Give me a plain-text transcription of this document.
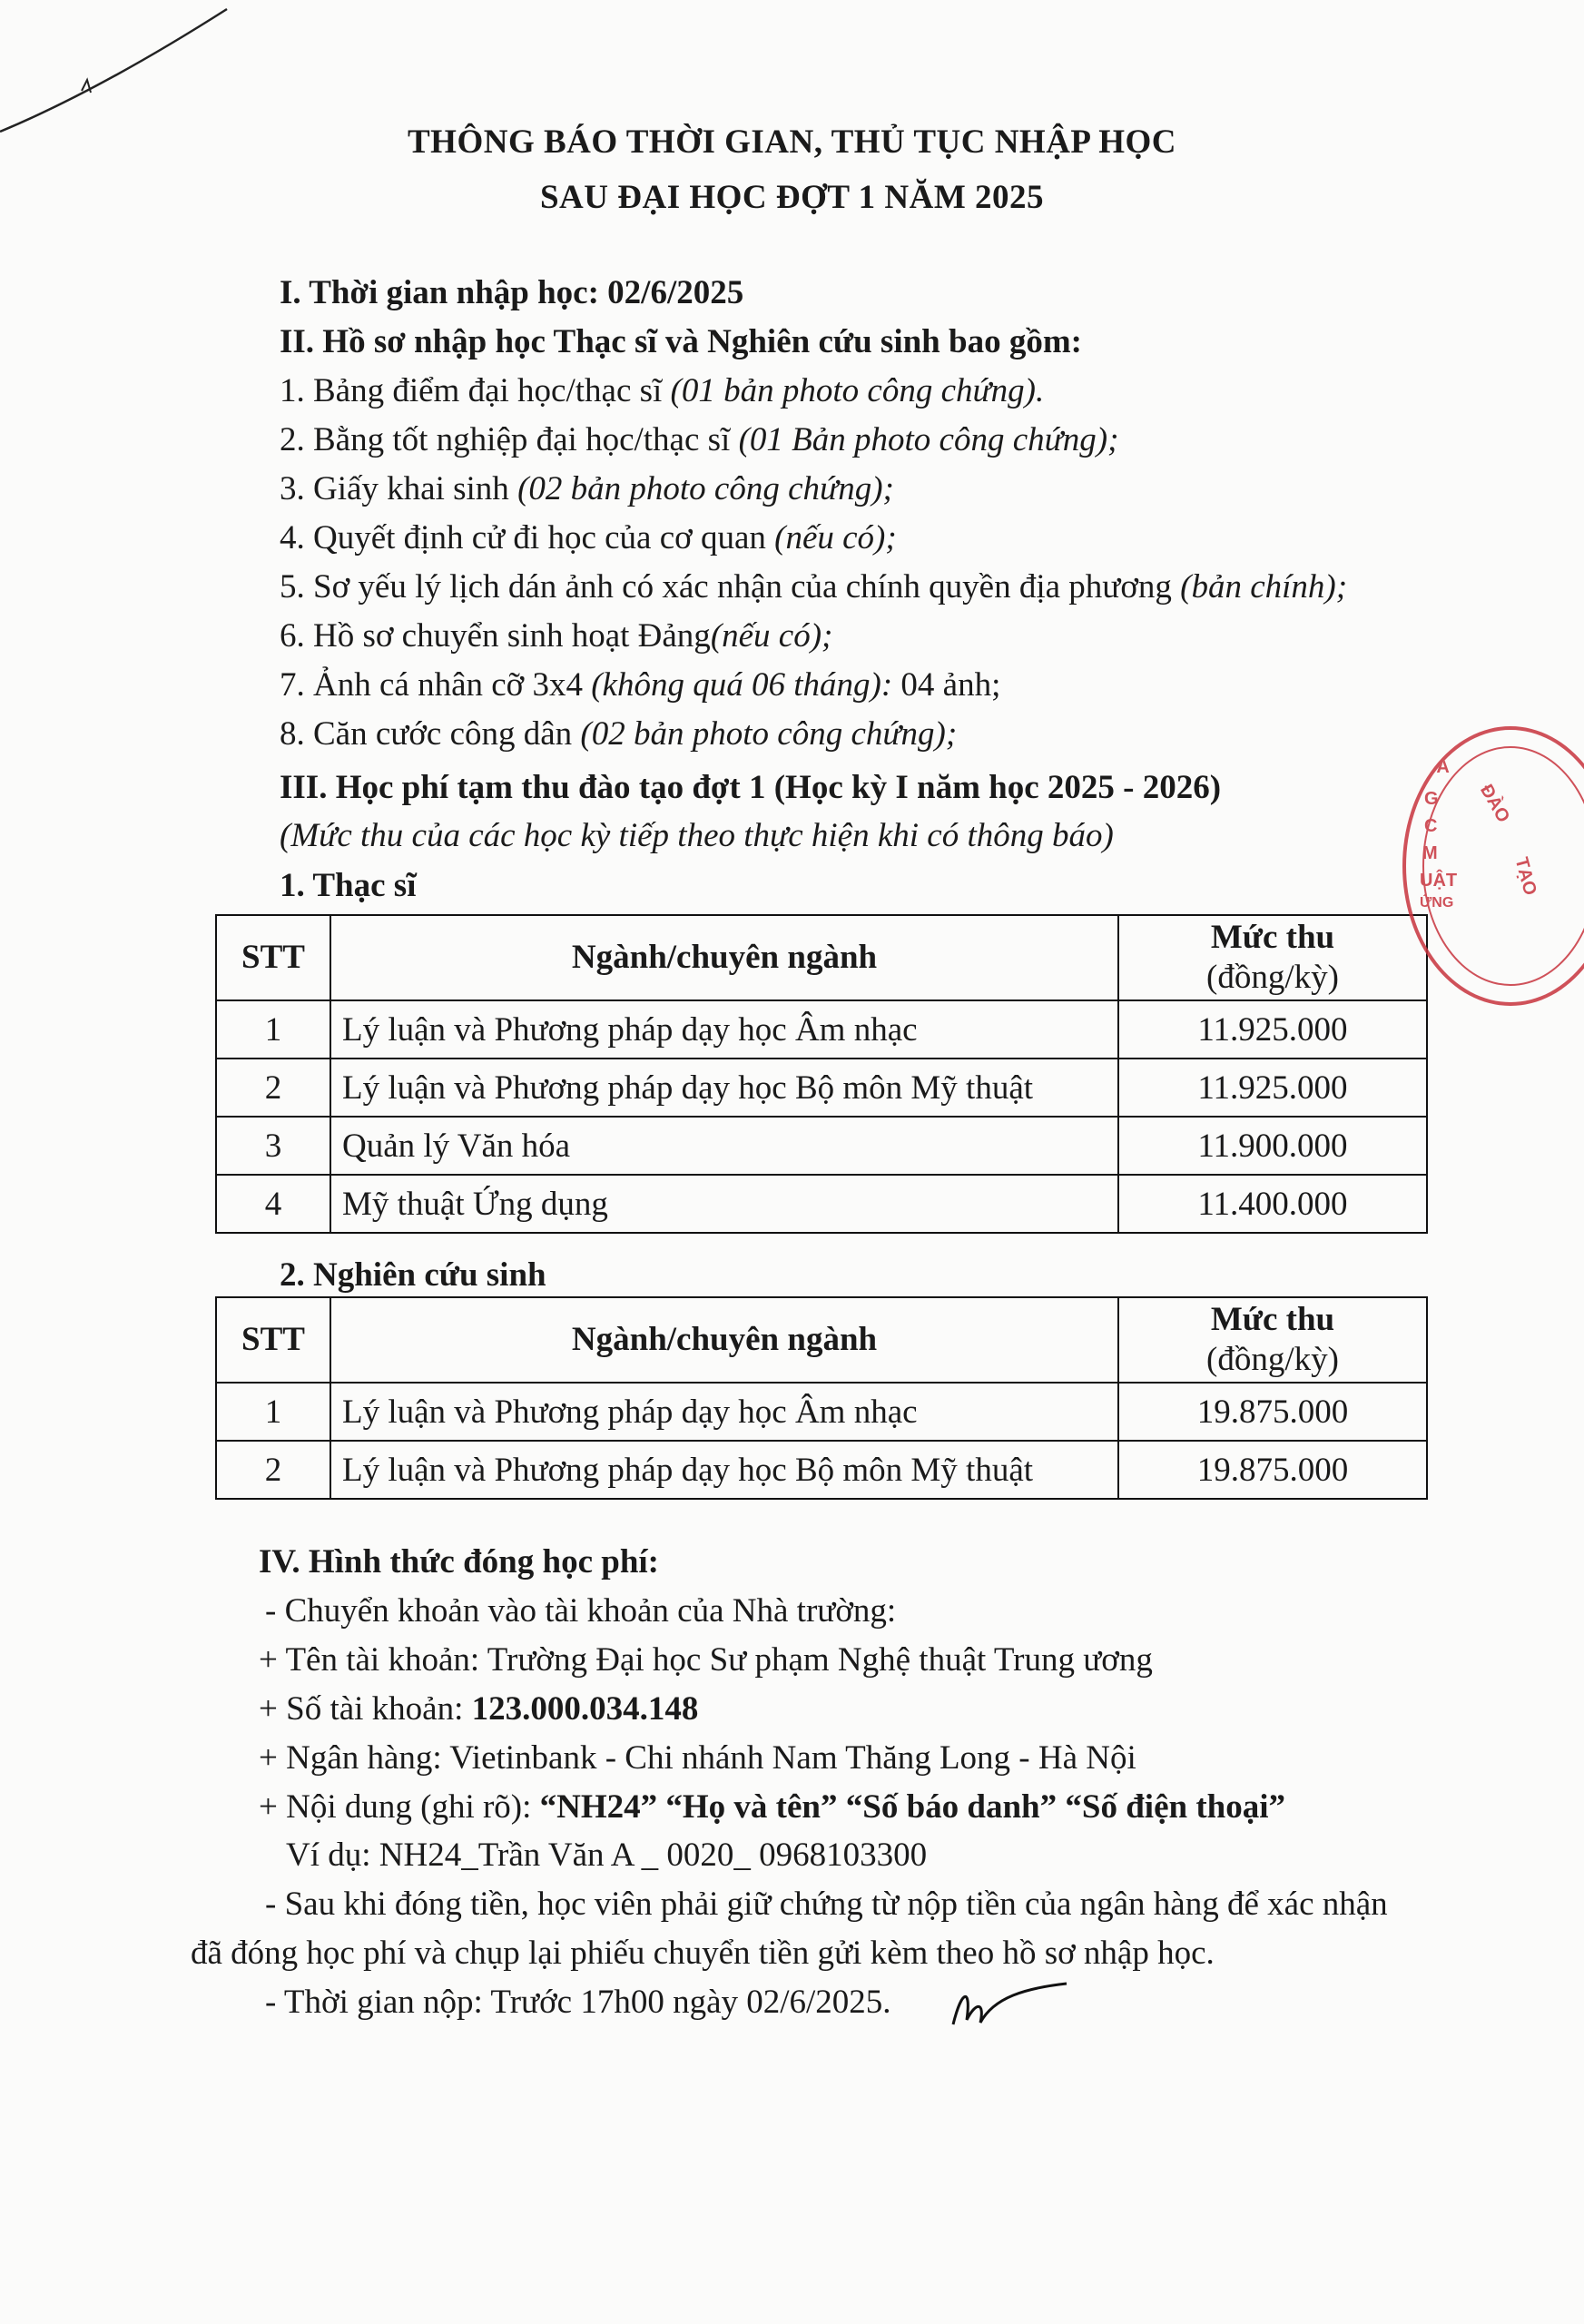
THÔNG BÁO THỜI GIAN, THỦ TỤC NHẬP HỌC
SAU ĐẠI HỌC ĐỢT 1 NĂM 2025
I. Thời gian nhập học: 02/6/2025
II. Hồ sơ nhập học Thạc sĩ và Nghiên cứu sinh bao gồm:
1. Bảng điểm đại học/thạc sĩ (01 bản photo công chứng).
2. Bằng tốt nghiệp đại học/thạc sĩ (01 Bản photo công chứng);
3. Giấy khai sinh (02 bản photo công chứng);
4. Quyết định cử đi học của cơ quan (nếu có);
5. Sơ yếu lý lịch dán ảnh có xác nhận của chính quyền địa phương (bản chính);
6. Hồ sơ chuyển sinh hoạt Đảng(nếu có);
7. Ảnh cá nhân cỡ 3x4 (không quá 06 tháng): 04 ảnh;
8. Căn cước công dân (02 bản photo công chứng);
III. Học phí tạm thu đào tạo đợt 1 (Học kỳ I năm học 2025 - 2026)
(Mức thu của các học kỳ tiếp theo thực hiện khi có thông báo)
1. Thạc sĩ
STT	Ngành/chuyên ngành	Mức thu
(đồng/kỳ)
1	Lý luận và Phương pháp dạy học Âm nhạc	11.925.000
2	Lý luận và Phương pháp dạy học Bộ môn Mỹ thuật	11.925.000
3	Quản lý Văn hóa	11.900.000
4	Mỹ thuật Ứng dụng	11.400.000
2. Nghiên cứu sinh
STT	Ngành/chuyên ngành	Mức thu
(đồng/kỳ)
1	Lý luận và Phương pháp dạy học Âm nhạc	19.875.000
2	Lý luận và Phương pháp dạy học Bộ môn Mỹ thuật	19.875.000
IV. Hình thức đóng học phí:
- Chuyển khoản vào tài khoản của Nhà trường:
+ Tên tài khoản: Trường Đại học Sư phạm Nghệ thuật Trung ương
+ Số tài khoản: 123.000.034.148
+ Ngân hàng: Vietinbank - Chi nhánh Nam Thăng Long - Hà Nội
+ Nội dung (ghi rõ): “NH24” “Họ và tên” “Số báo danh” “Số điện thoại”
Ví dụ: NH24_Trần Văn A _ 0020_ 0968103300
- Sau khi đóng tiền, học viên phải giữ chứng từ nộp tiền của ngân hàng để xác nhận
đã đóng học phí và chụp lại phiếu chuyển tiền gửi kèm theo hồ sơ nhập học.
- Thời gian nộp: Trước 17h00 ngày 02/6/2025.
VÀ
G
C
M
UẬT
ỨNG
ĐÀO
TẠO
